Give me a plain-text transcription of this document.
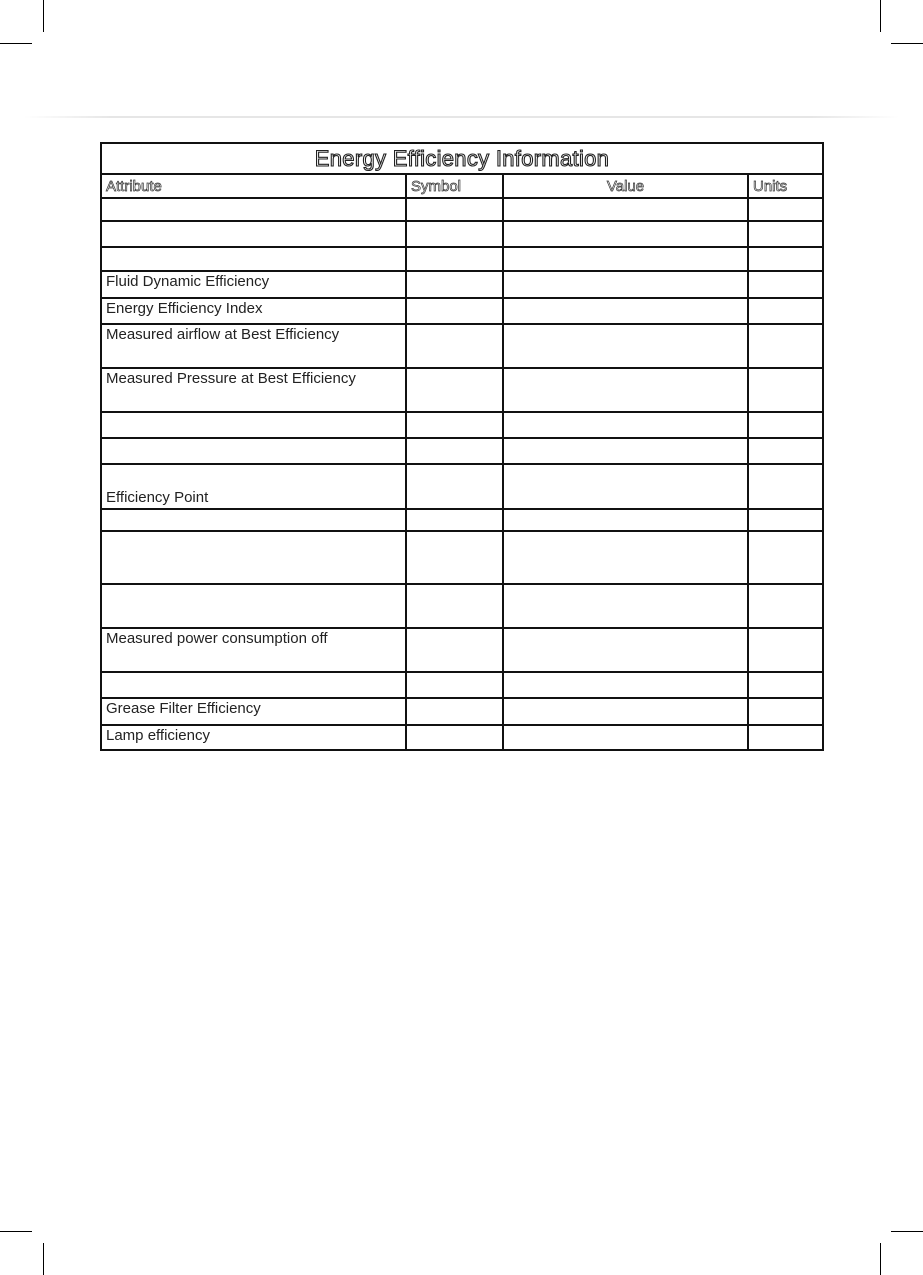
Energy Efficiency Information			
Attribute	Symbol	Value	Units

Fluid Dynamic Efficiency			
Energy Efficiency Index			
Measured airflow at Best Efficiency			
Measured Pressure at Best Efficiency			

Efficiency Point			

Measured power consumption off			

Grease Filter Efficiency			
Lamp efficiency			
